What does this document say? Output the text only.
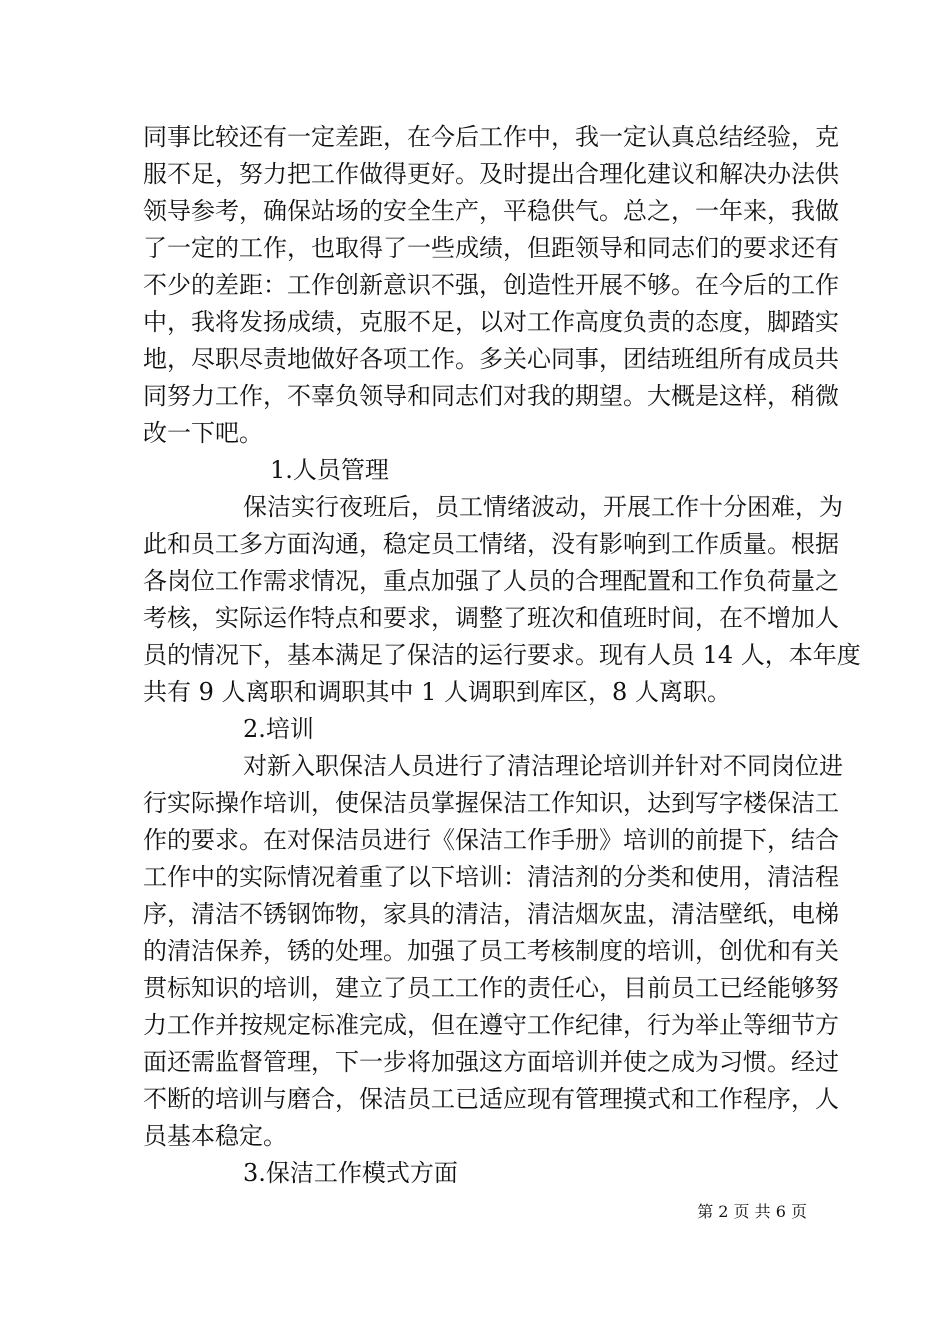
同事比较还有一定差距，在今后工作中，我一定认真总结经验，克
服不足，努力把工作做得更好。及时提出合理化建议和解决办法供
领导参考，确保站场的安全生产，平稳供气。总之，一年来，我做
了一定的工作，也取得了一些成绩，但距领导和同志们的要求还有
不少的差距：工作创新意识不强，创造性开展不够。在今后的工作
中，我将发扬成绩，克服不足，以对工作高度负责的态度，脚踏实
地，尽职尽责地做好各项工作。多关心同事，团结班组所有成员共
同努力工作，不辜负领导和同志们对我的期望。大概是这样，稍微
改一下吧。
1.人员管理
保洁实行夜班后，员工情绪波动，开展工作十分困难，为
此和员工多方面沟通，稳定员工情绪，没有影响到工作质量。根据
各岗位工作需求情况，重点加强了人员的合理配置和工作负荷量之
考核，实际运作特点和要求，调整了班次和值班时间，在不增加人
员的情况下，基本满足了保洁的运行要求。现有人员 14 人，本年度
共有 9 人离职和调职其中 1 人调职到库区，8 人离职。
2.培训
对新入职保洁人员进行了清洁理论培训并针对不同岗位进
行实际操作培训，使保洁员掌握保洁工作知识，达到写字楼保洁工
作的要求。在对保洁员进行《保洁工作手册》培训的前提下，结合
工作中的实际情况着重了以下培训：清洁剂的分类和使用，清洁程
序，清洁不锈钢饰物，家具的清洁，清洁烟灰盅，清洁壁纸，电梯
的清洁保养，锈的处理。加强了员工考核制度的培训，创优和有关
贯标知识的培训，建立了员工工作的责任心，目前员工已经能够努
力工作并按规定标准完成，但在遵守工作纪律，行为举止等细节方
面还需监督管理，下一步将加强这方面培训并使之成为习惯。经过
不断的培训与磨合，保洁员工已适应现有管理摸式和工作程序，人
员基本稳定。
3.保洁工作模式方面
第 2 页 共 6 页
